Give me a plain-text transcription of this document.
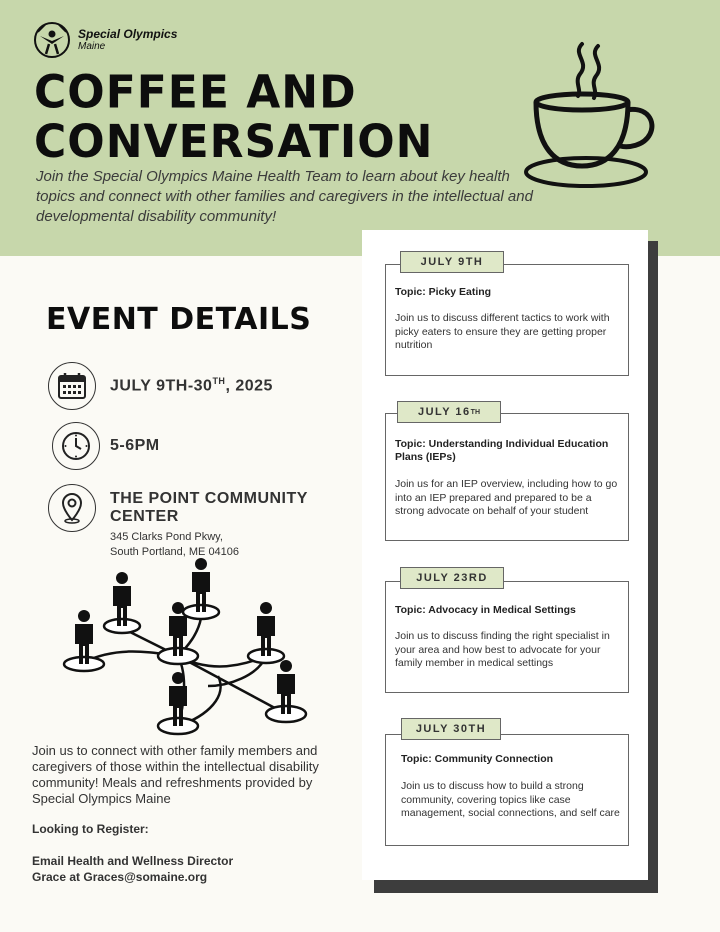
Special Olympics
Maine
COFFEE AND
CONVERSATION

Join the Special Olympics Maine Health Team to learn about key health topics and connect with other families and caregivers in the intellectual and developmental disability community!

EVENT DETAILS
JULY 9TH-30TH, 2025
5-6PM
THE POINT COMMUNITY
CENTER
345 Clarks Pond Pkwy,
South Portland, ME 04106

Join us to connect with other family members and caregivers of those within the intellectual disability community! Meals and refreshments provided by Special Olympics Maine

Looking to Register:
Email Health and Wellness Director
Grace at Graces@somaine.org
Topic: Picky Eating
Join us to discuss different tactics to work with picky eaters to ensure they are getting proper nutrition
JULY 9TH
Topic: Understanding Individual Education Plans (IEPs)
Join us for an IEP overview, including how to go into an IEP prepared and prepared to be a strong advocate on behalf of your student
JULY 16 TH
Topic: Advocacy in Medical Settings
Join us to discuss finding the right specialist in your area and how best to advocate for your family member in medical settings
JULY 23RD
Topic: Community Connection
Join us to discuss how to build a strong community, covering topics like case management, social connections, and self care
JULY 30TH
